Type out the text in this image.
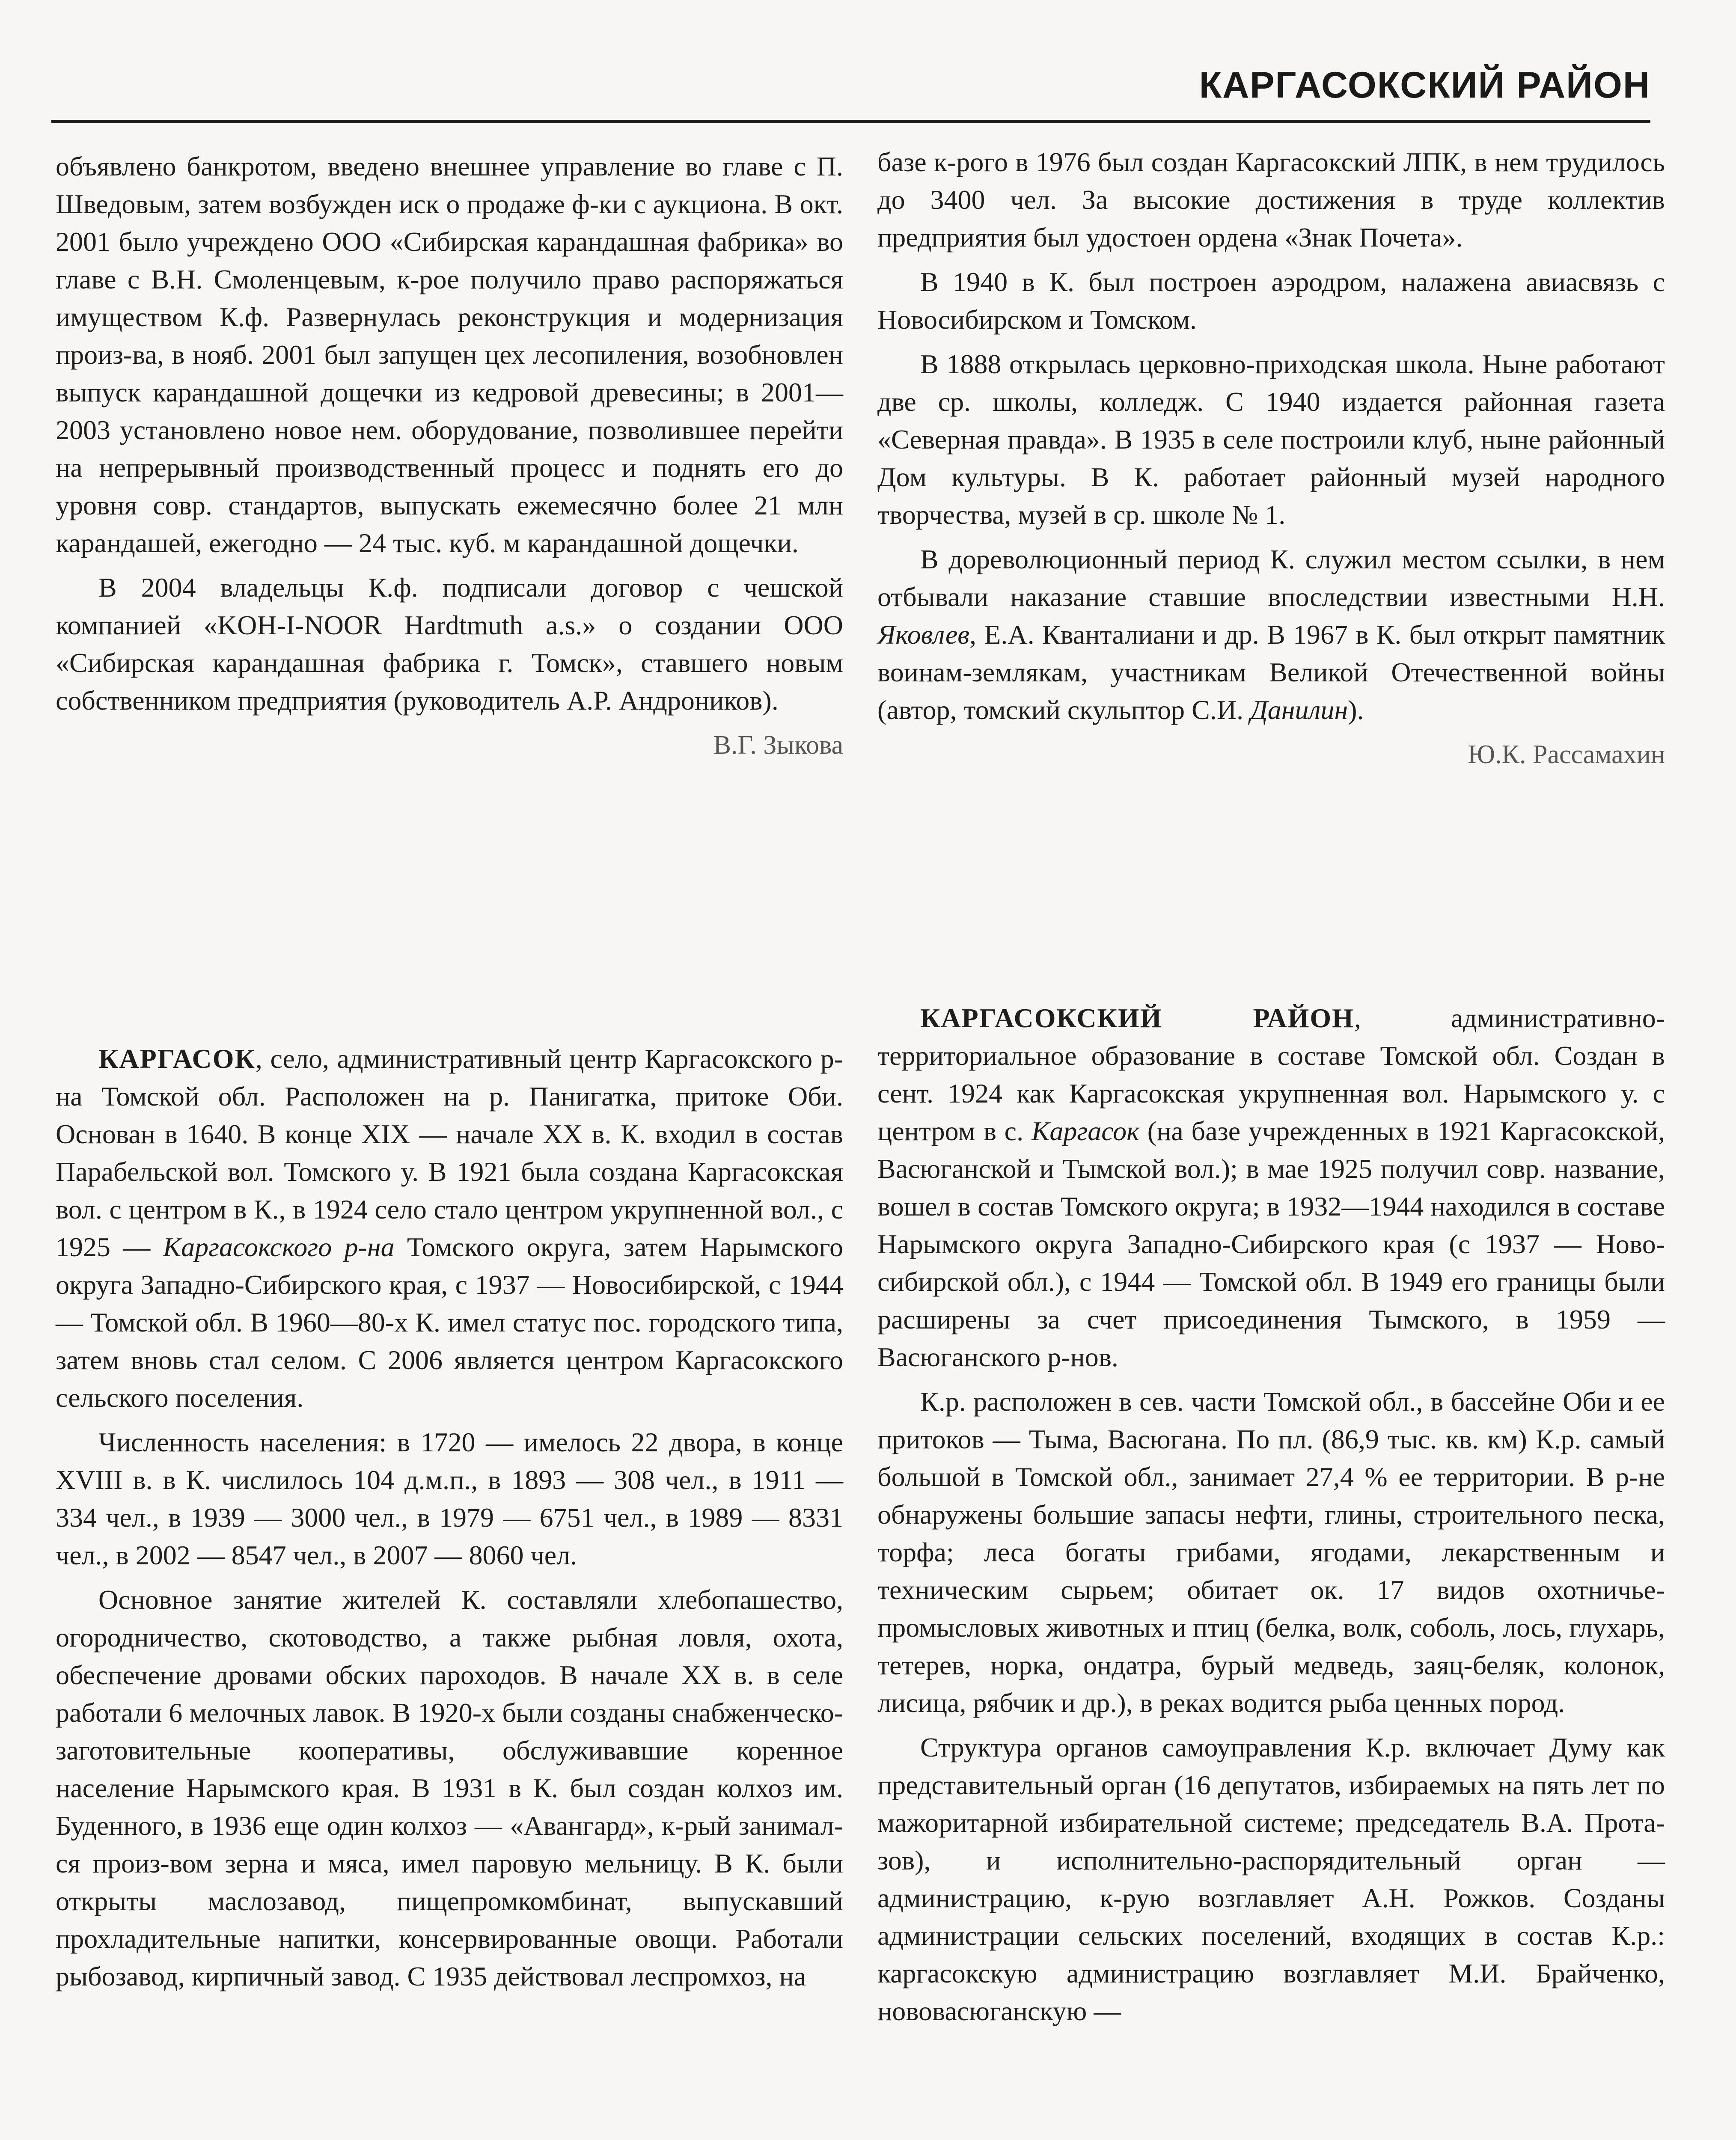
КАРГАСОКСКИЙ РАЙОН

объявлено банкротом, введено внешнее управление во главе с П. Шведовым, затем возбужден иск о продаже ф-ки с аукциона. В окт. 2001 было учреждено ООО «Сибирская карандашная фабрика» во главе с В.Н. Смоленцевым, к-рое получило право распоряжаться имуществом К.ф. Развернулась реконструкция и модернизация произ-ва, в нояб. 2001 был запущен цех лесопиления, возобновлен выпуск карандашной дощечки из кедровой древесины; в 2001—2003 установлено новое нем. оборудование, позволившее перейти на непрерывный производственный процесс и поднять его до уровня совр. стандартов, выпускать ежемесячно более 21 млн карандашей, ежегодно — 24 тыс. куб. м карандашной дощечки.

В 2004 владельцы К.ф. подписали договор с чешской компанией «KOH-I-NOOR Hardtmuth a.s.» о создании ООО «Сибирская карандашная фабрика г. Томск», ставшего новым собственником предприятия (руководитель А.Р. Андроников).

В.Г. Зыкова

базе к-рого в 1976 был создан Каргасокский ЛПК, в нем трудилось до 3400 чел. За высокие достижения в труде коллектив предприятия был удостоен ордена «Знак Почета».

В 1940 в К. был построен аэродром, налажена авиасвязь с Новосибирском и Томском.

В 1888 открылась церковно-приходская школа. Ныне работают две ср. школы, колледж. С 1940 издается районная газета «Северная правда». В 1935 в селе построили клуб, ныне районный Дом культуры. В К. работает районный музей народного творчества, музей в ср. школе № 1.

В дореволюционный период К. служил местом ссылки, в нем отбывали наказание ставшие впоследствии известными Н.Н. Яковлев, Е.А. Кванталиани и др. В 1967 в К. был открыт памятник воинам-землякам, участникам Великой Отечественной войны (автор, томский скульптор С.И. Данилин).

Ю.К. Рассамахин

КАРГАСОК, село, административный центр Каргасокского р-на Томской обл. Расположен на р. Панигатка, притоке Оби. Основан в 1640. В конце XIX — начале XX в. К. входил в состав Парабельской вол. Томского у. В 1921 была создана Каргасокская вол. с центром в К., в 1924 село стало центром укрупненной вол., с 1925 — Каргасокского р-на Томского округа, затем Нарымского округа Западно-Сибирского края, с 1937 — Новосибирской, с 1944 — Томской обл. В 1960—80-х К. имел статус пос. городского типа, затем вновь стал селом. С 2006 является центром Каргасокского сельского поселения.

Численность населения: в 1720 — имелось 22 двора, в конце XVIII в. в К. числилось 104 д.м.п., в 1893 — 308 чел., в 1911 — 334 чел., в 1939 — 3000 чел., в 1979 — 6751 чел., в 1989 — 8331 чел., в 2002 — 8547 чел., в 2007 — 8060 чел.

Основное занятие жителей К. составляли хлебопашество, огородничество, скотоводство, а также рыбная ловля, охота, обеспечение дровами обских пароходов. В начале XX в. в селе работали 6 мелочных лавок. В 1920-х были созданы снабженческо-заготовительные кооперативы, обслуживавшие коренное население Нарымского края. В 1931 в К. был создан колхоз им. Буденного, в 1936 еще один колхоз — «Авангард», к-рый занимался произ-вом зерна и мяса, имел паровую мельницу. В К. были открыты маслозавод, пищепромкомбинат, выпускавший прохладительные напитки, консервированные овощи. Работали рыбозавод, кирпичный завод. С 1935 действовал леспромхоз, на

КАРГАСОКСКИЙ РАЙОН, административно-территориальное образование в составе Томской обл. Создан в сент. 1924 как Каргасокская укрупненная вол. Нарымского у. с центром в с. Каргасок (на базе учрежденных в 1921 Каргасокской, Васюганской и Тымской вол.); в мае 1925 получил совр. название, вошел в состав Томского округа; в 1932—1944 находился в составе Нарымского округа Западно-Сибирского края (с 1937 — Новосибирской обл.), с 1944 — Томской обл. В 1949 его границы были расширены за счет присоединения Тымского, в 1959 — Васюганского р-нов.

К.р. расположен в сев. части Томской обл., в бассейне Оби и ее притоков — Тыма, Васюгана. По пл. (86,9 тыс. кв. км) К.р. самый большой в Томской обл., занимает 27,4 % ее территории. В р-не обнаружены большие запасы нефти, глины, строительного песка, торфа; леса богаты грибами, ягодами, лекарственным и техническим сырьем; обитает ок. 17 видов охотничье-промысловых животных и птиц (белка, волк, соболь, лось, глухарь, тетерев, норка, ондатра, бурый медведь, заяц-беляк, колонок, лисица, рябчик и др.), в реках водится рыба ценных пород.

Структура органов самоуправления К.р. включает Думу как представительный орган (16 депутатов, избираемых на пять лет по мажоритарной избирательной системе; председатель В.А. Протазов), и исполнительно-распорядительный орган — администрацию, к-рую возглавляет А.Н. Рожков. Созданы администрации сельских поселений, входящих в состав К.р.: каргасокскую администрацию возглавляет М.И. Брайченко, нововасюганскую —
